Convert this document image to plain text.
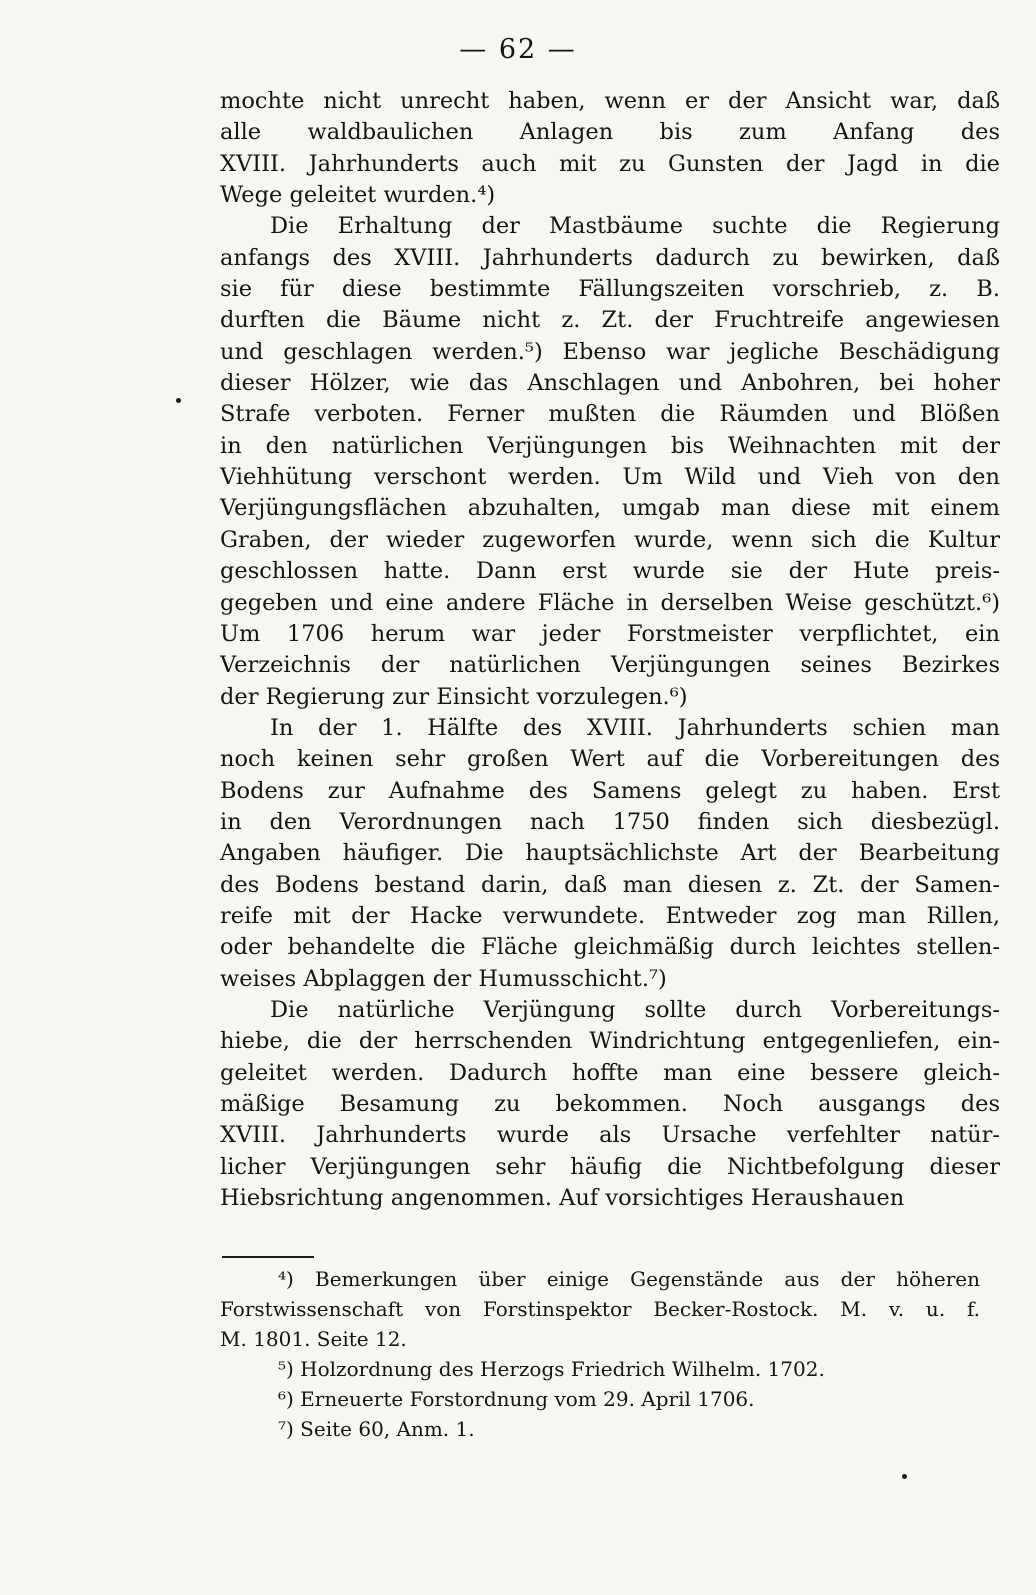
— 62 —
mochte nicht unrecht haben, wenn er der Ansicht war, daß
alle waldbaulichen Anlagen bis zum Anfang des
XVIII. Jahrhunderts auch mit zu Gunsten der Jagd in die
Wege geleitet wurden.⁴)
Die Erhaltung der Mastbäume suchte die Regierung
anfangs des XVIII. Jahrhunderts dadurch zu bewirken, daß
sie für diese bestimmte Fällungszeiten vorschrieb, z. B.
durften die Bäume nicht z. Zt. der Fruchtreife angewiesen
und geschlagen werden.⁵) Ebenso war jegliche Beschädigung
dieser Hölzer, wie das Anschlagen und Anbohren, bei hoher
Strafe verboten. Ferner mußten die Räumden und Blößen
in den natürlichen Verjüngungen bis Weihnachten mit der
Viehhütung verschont werden. Um Wild und Vieh von den
Verjüngungsflächen abzuhalten, umgab man diese mit einem
Graben, der wieder zugeworfen wurde, wenn sich die Kultur
geschlossen hatte. Dann erst wurde sie der Hute preis-
gegeben und eine andere Fläche in derselben Weise geschützt.⁶)
Um 1706 herum war jeder Forstmeister verpflichtet, ein
Verzeichnis der natürlichen Verjüngungen seines Bezirkes
der Regierung zur Einsicht vorzulegen.⁶)
In der 1. Hälfte des XVIII. Jahrhunderts schien man
noch keinen sehr großen Wert auf die Vorbereitungen des
Bodens zur Aufnahme des Samens gelegt zu haben. Erst
in den Verordnungen nach 1750 finden sich diesbezügl.
Angaben häufiger. Die hauptsächlichste Art der Bearbeitung
des Bodens bestand darin, daß man diesen z. Zt. der Samen-
reife mit der Hacke verwundete. Entweder zog man Rillen,
oder behandelte die Fläche gleichmäßig durch leichtes stellen-
weises Abplaggen der Humusschicht.⁷)
Die natürliche Verjüngung sollte durch Vorbereitungs-
hiebe, die der herrschenden Windrichtung entgegenliefen, ein-
geleitet werden. Dadurch hoffte man eine bessere gleich-
mäßige Besamung zu bekommen. Noch ausgangs des
XVIII. Jahrhunderts wurde als Ursache verfehlter natür-
licher Verjüngungen sehr häufig die Nichtbefolgung dieser
Hiebsrichtung angenommen. Auf vorsichtiges Heraushauen
⁴) Bemerkungen über einige Gegenstände aus der höheren
Forstwissenschaft von Forstinspektor Becker-Rostock. M. v. u. f.
M. 1801. Seite 12.
⁵) Holzordnung des Herzogs Friedrich Wilhelm. 1702.
⁶) Erneuerte Forstordnung vom 29. April 1706.
⁷) Seite 60, Anm. 1.
